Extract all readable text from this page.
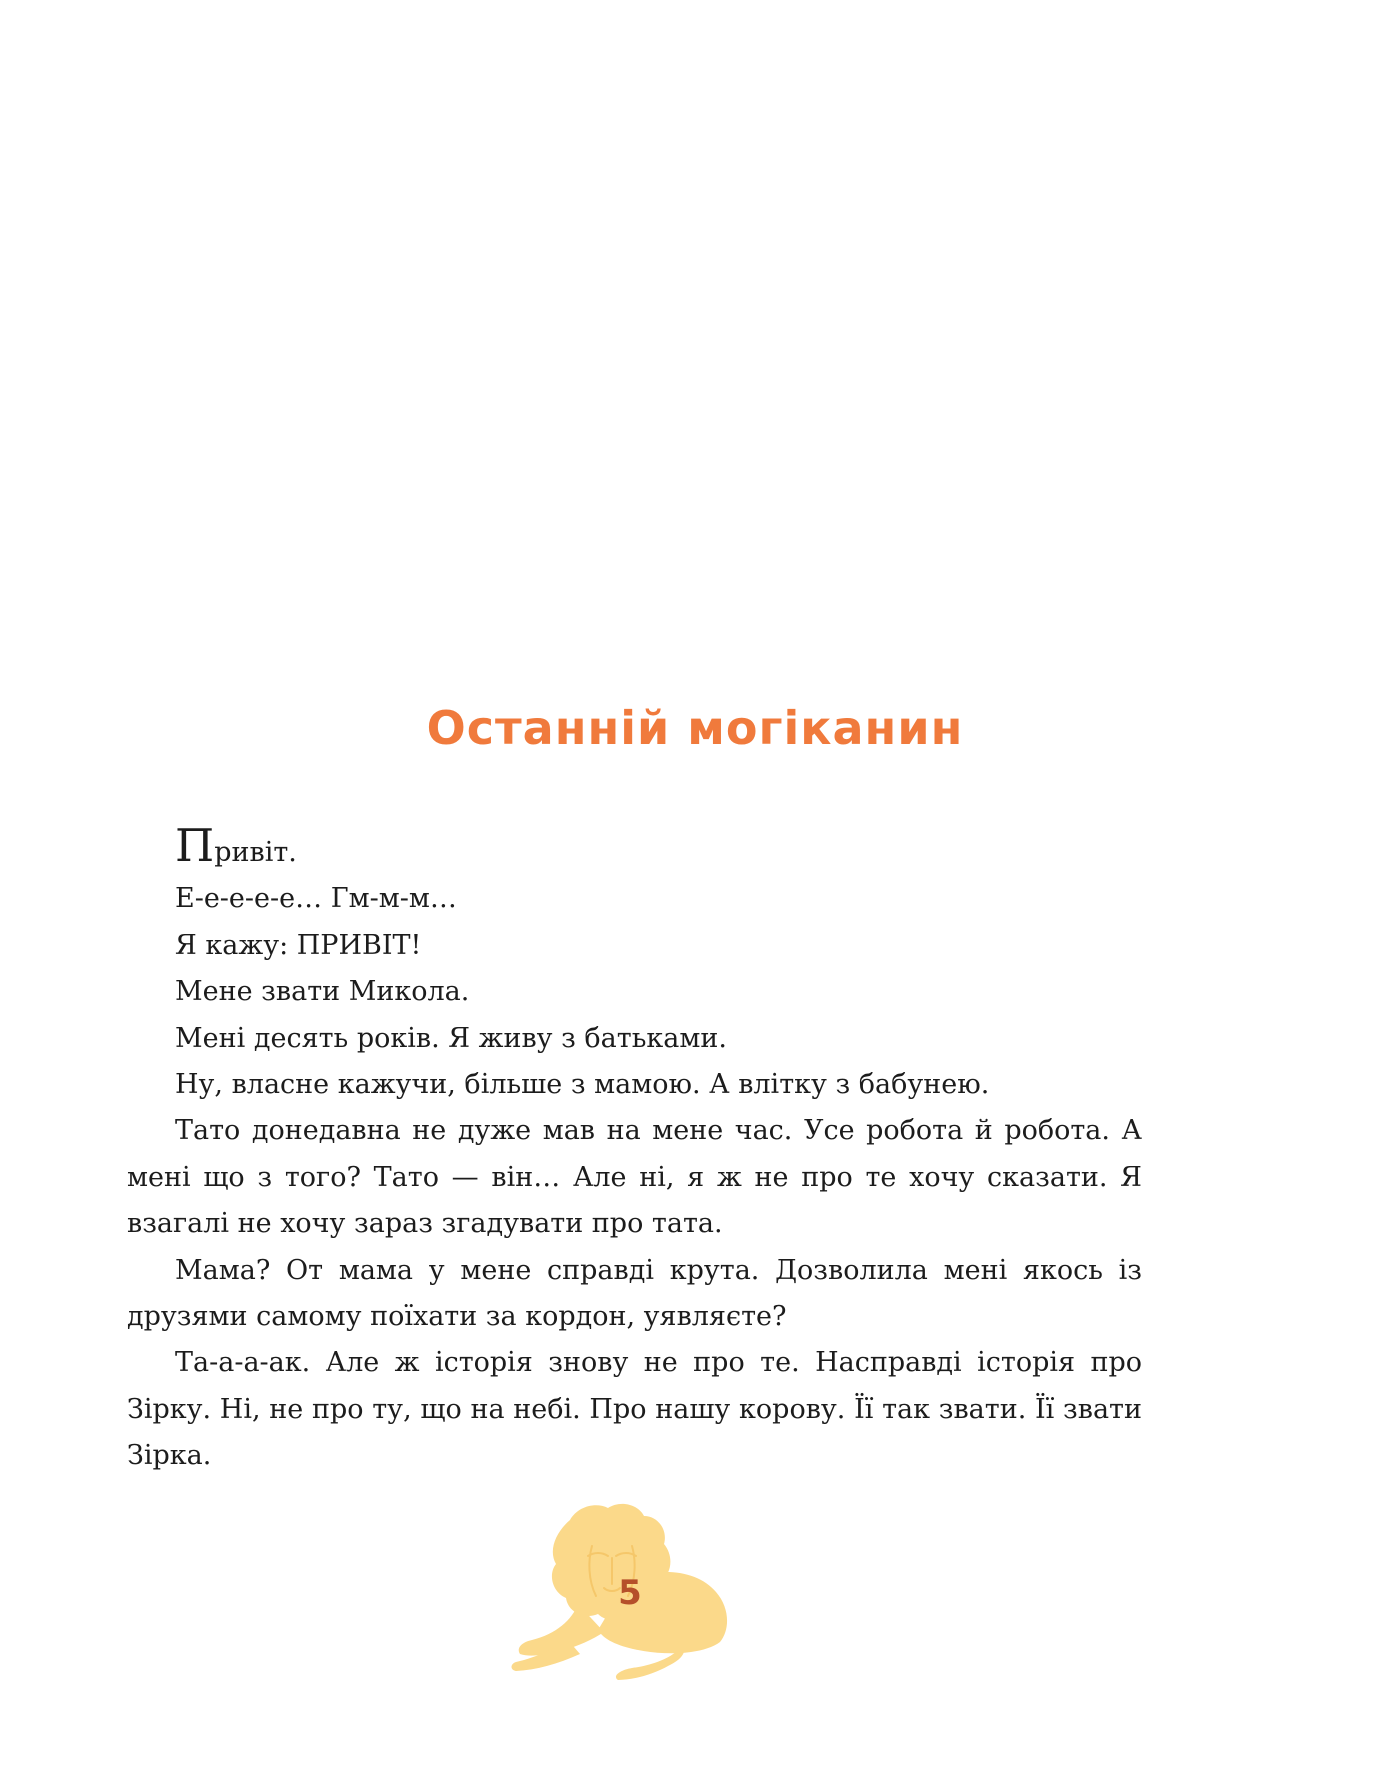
Останній могіканин

Привіт.

Е-е-е-е-е… Гм-м-м…

Я кажу: ПРИВІТ!

Мене звати Микола.

Мені десять років. Я живу з батьками.

Ну, власне кажучи, більше з мамою. А влітку з бабунею.

Тато донедавна не дуже мав на мене час. Усе робота й робота. А мені що з того? Тато — він… Але ні, я ж не про те хочу сказати. Я взагалі не хочу зараз згадувати про тата.

Мама? От мама у мене справді крута. Дозволила мені якось із друзями самому поїхати за кордон, уявляєте?

Та-а-а-ак. Але ж історія знову не про те. Насправді історія про Зірку. Ні, не про ту, що на небі. Про нашу корову. Її так звати. Її звати Зірка.

5
